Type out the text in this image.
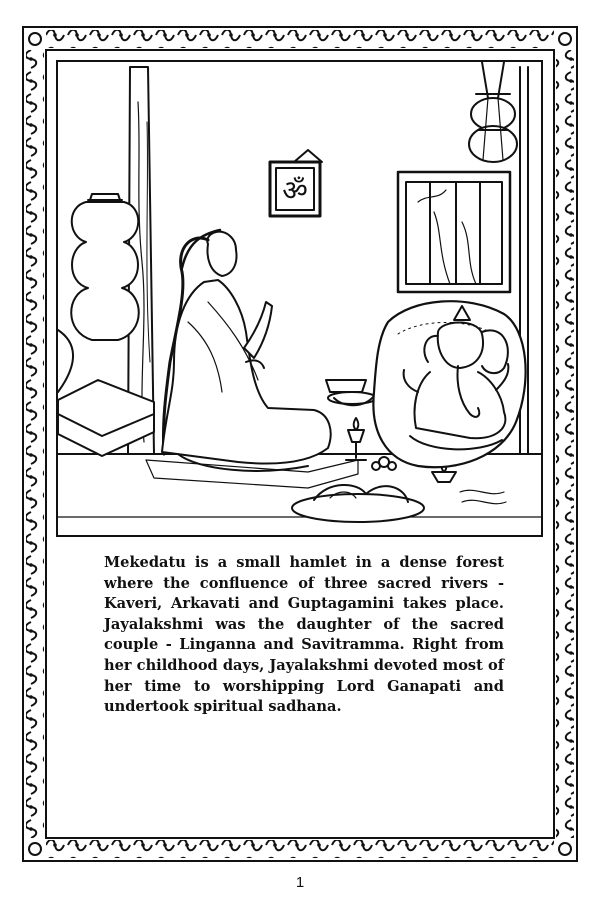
ॐ

Mekedatu is a small hamlet in a dense forest where the confluence of three sacred rivers - Kaveri, Arkavati and Guptagamini takes place. Jayalakshmi was the daughter of the sacred couple - Linganna and Savitramma. Right from her childhood days, Jayalakshmi devoted most of her time to worshipping Lord Ganapati and undertook spiritual sadhana.

1
